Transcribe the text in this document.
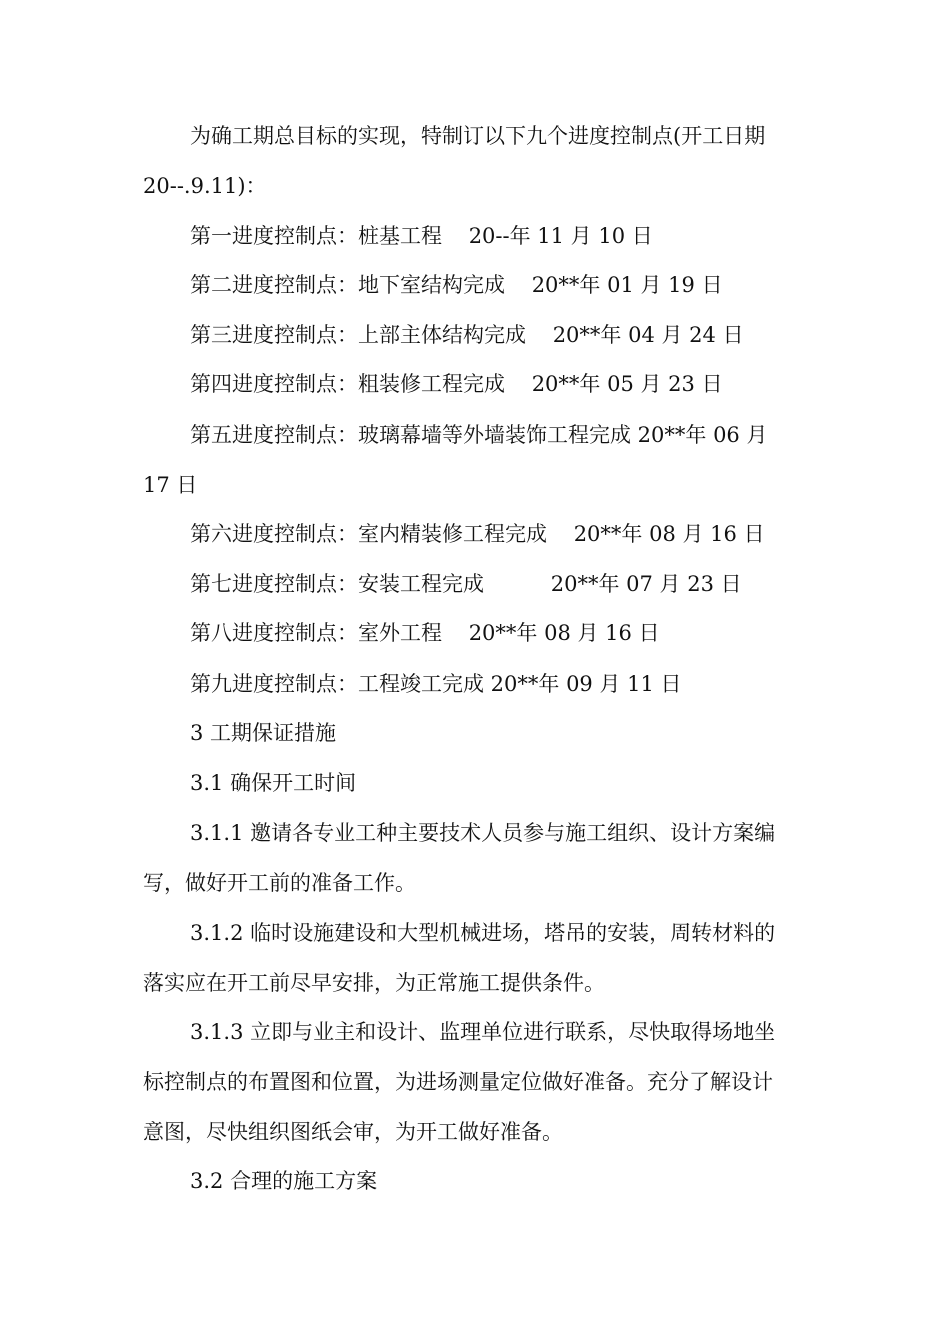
为确工期总目标的实现，特制订以下九个进度控制点(开工日期
20--.9.11)：
第一进度控制点：桩基工程    20--年 11 月 10 日
第二进度控制点：地下室结构完成    20**年 01 月 19 日
第三进度控制点：上部主体结构完成    20**年 04 月 24 日
第四进度控制点：粗装修工程完成    20**年 05 月 23 日
第五进度控制点：玻璃幕墙等外墙装饰工程完成 20**年 06 月
17 日
第六进度控制点：室内精装修工程完成    20**年 08 月 16 日
第七进度控制点：安装工程完成          20**年 07 月 23 日
第八进度控制点：室外工程    20**年 08 月 16 日
第九进度控制点：工程竣工完成 20**年 09 月 11 日
3 工期保证措施
3.1 确保开工时间
3.1.1 邀请各专业工种主要技术人员参与施工组织、设计方案编
写，做好开工前的准备工作。
3.1.2 临时设施建设和大型机械进场，塔吊的安装，周转材料的
落实应在开工前尽早安排，为正常施工提供条件。
3.1.3 立即与业主和设计、监理单位进行联系，尽快取得场地坐
标控制点的布置图和位置，为进场测量定位做好准备。充分了解设计
意图，尽快组织图纸会审，为开工做好准备。
3.2 合理的施工方案
